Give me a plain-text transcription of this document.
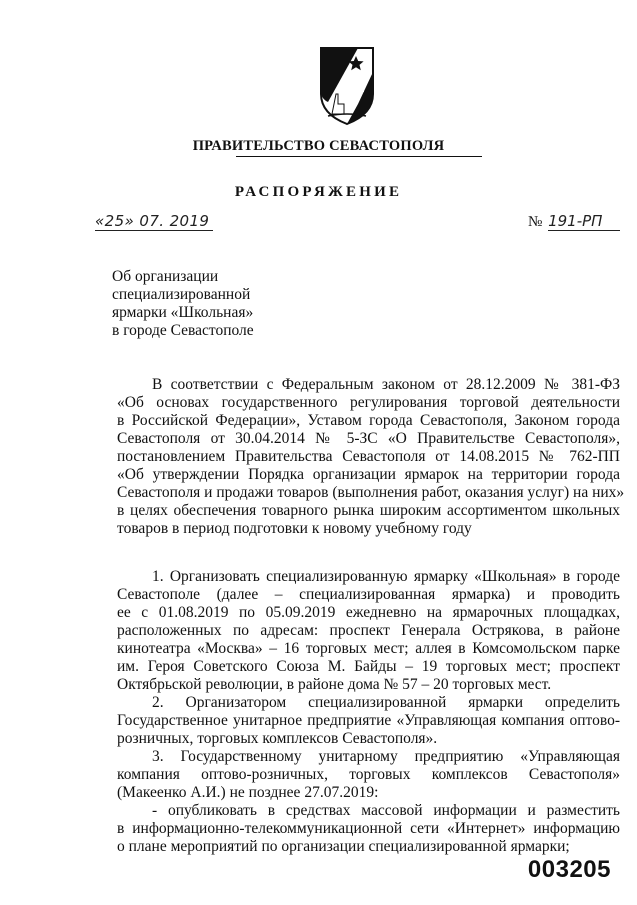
ПРАВИТЕЛЬСТВО СЕВАСТОПОЛЯ
РАСПОРЯЖЕНИЕ
«25» 07. 2019	№ 191-РП
Об организации
специализированной
ярмарки «Школьная»
в городе Севастополе
В соответствии с Федеральным законом от 28.12.2009 № 381-ФЗ
«Об основах государственного регулирования торговой деятельности
в Российской Федерации», Уставом города Севастополя, Законом города
Севастополя от 30.04.2014 № 5-ЗС «О Правительстве Севастополя»,
постановлением Правительства Севастополя от 14.08.2015 № 762-ПП
«Об утверждении Порядка организации ярмарок на территории города
Севастополя и продажи товаров (выполнения работ, оказания услуг) на них»
в целях обеспечения товарного рынка широким ассортиментом школьных
товаров в период подготовки к новому учебному году
1. Организовать специализированную ярмарку «Школьная» в городе
Севастополе (далее – специализированная ярмарка) и проводить
ее с 01.08.2019 по 05.09.2019 ежедневно на ярмарочных площадках,
расположенных по адресам: проспект Генерала Острякова, в районе
кинотеатра «Москва» – 16 торговых мест; аллея в Комсомольском парке
им. Героя Советского Союза М. Байды – 19 торговых мест; проспект
Октябрьской революции, в районе дома № 57 – 20 торговых мест.
2. Организатором специализированной ярмарки определить
Государственное унитарное предприятие «Управляющая компания оптово-
розничных, торговых комплексов Севастополя».
3. Государственному унитарному предприятию «Управляющая
компания оптово-розничных, торговых комплексов Севастополя»
(Макеенко А.И.) не позднее 27.07.2019:
- опубликовать в средствах массовой информации и разместить
в информационно-телекоммуникационной сети «Интернет» информацию
о плане мероприятий по организации специализированной ярмарки;
003205
